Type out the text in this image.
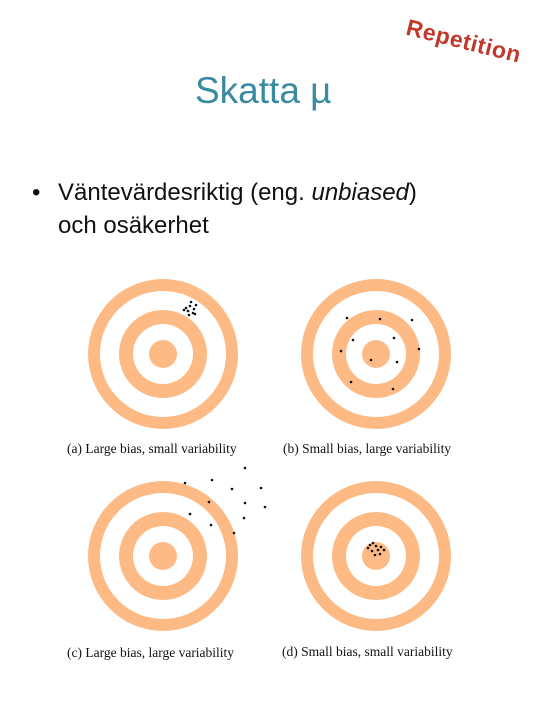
Repetition
Skatta µ
• Väntevärdesriktig (eng. unbiased)
och osäkerhet
(a) Large bias, small variability	(b) Small bias, large variability
(c) Large bias, large variability	(d) Small bias, small variability
